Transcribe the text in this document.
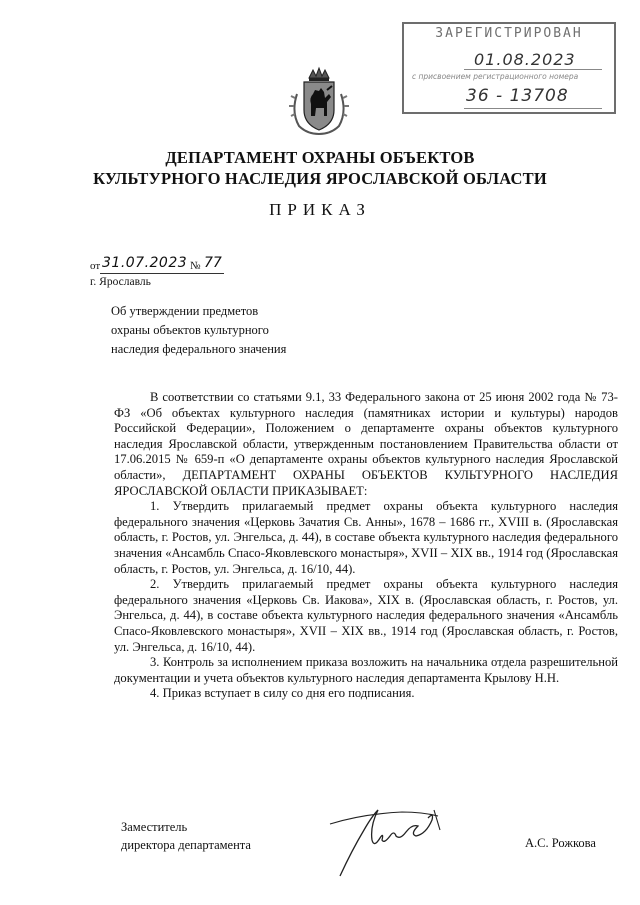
ЗАРЕГИСТРИРОВАН
01.08.2023
с присвоением регистрационного номера
36 - 13708
ДЕПАРТАМЕНТ ОХРАНЫ ОБЪЕКТОВ
КУЛЬТУРНОГО НАСЛЕДИЯ ЯРОСЛАВСКОЙ ОБЛАСТИ
ПРИКАЗ
от 31.07.2023 № 77
г. Ярославль
Об утверждении предметов
охраны объектов культурного
наследия федерального значения

В соответствии со статьями 9.1, 33 Федерального закона от 25 июня 2002 года № 73-ФЗ «Об объектах культурного наследия (памятниках истории и культуры) народов Российской Федерации», Положением о департаменте охраны объектов культурного наследия Ярославской области, утвержденным постановлением Правительства области от 17.06.2015 № 659-п «О департаменте охраны объектов культурного наследия Ярославской области», ДЕПАРТАМЕНТ ОХРАНЫ ОБЪЕКТОВ КУЛЬТУРНОГО НАСЛЕДИЯ ЯРОСЛАВСКОЙ ОБЛАСТИ ПРИКАЗЫВАЕТ:

1. Утвердить прилагаемый предмет охраны объекта культурного наследия федерального значения «Церковь Зачатия Св. Анны», 1678 – 1686 гг., XVIII в. (Ярославская область, г. Ростов, ул. Энгельса, д. 44), в составе объекта культурного наследия федерального значения «Ансамбль Спасо-Яковлевского монастыря», XVII – XIX вв., 1914 год (Ярославская область, г. Ростов, ул. Энгельса, д. 16/10, 44).

2. Утвердить прилагаемый предмет охраны объекта культурного наследия федерального значения «Церковь Св. Иакова», XIX в. (Ярославская область, г. Ростов, ул. Энгельса, д. 44), в составе объекта культурного наследия федерального значения «Ансамбль Спасо-Яковлевского монастыря», XVII – XIX вв., 1914 год (Ярославская область, г. Ростов, ул. Энгельса, д. 16/10, 44).

3. Контроль за исполнением приказа возложить на начальника отдела разрешительной документации и учета объектов культурного наследия департамента Крылову Н.Н.

4. Приказ вступает в силу со дня его подписания.

Заместитель
директора департамента	А.С. Рожкова
